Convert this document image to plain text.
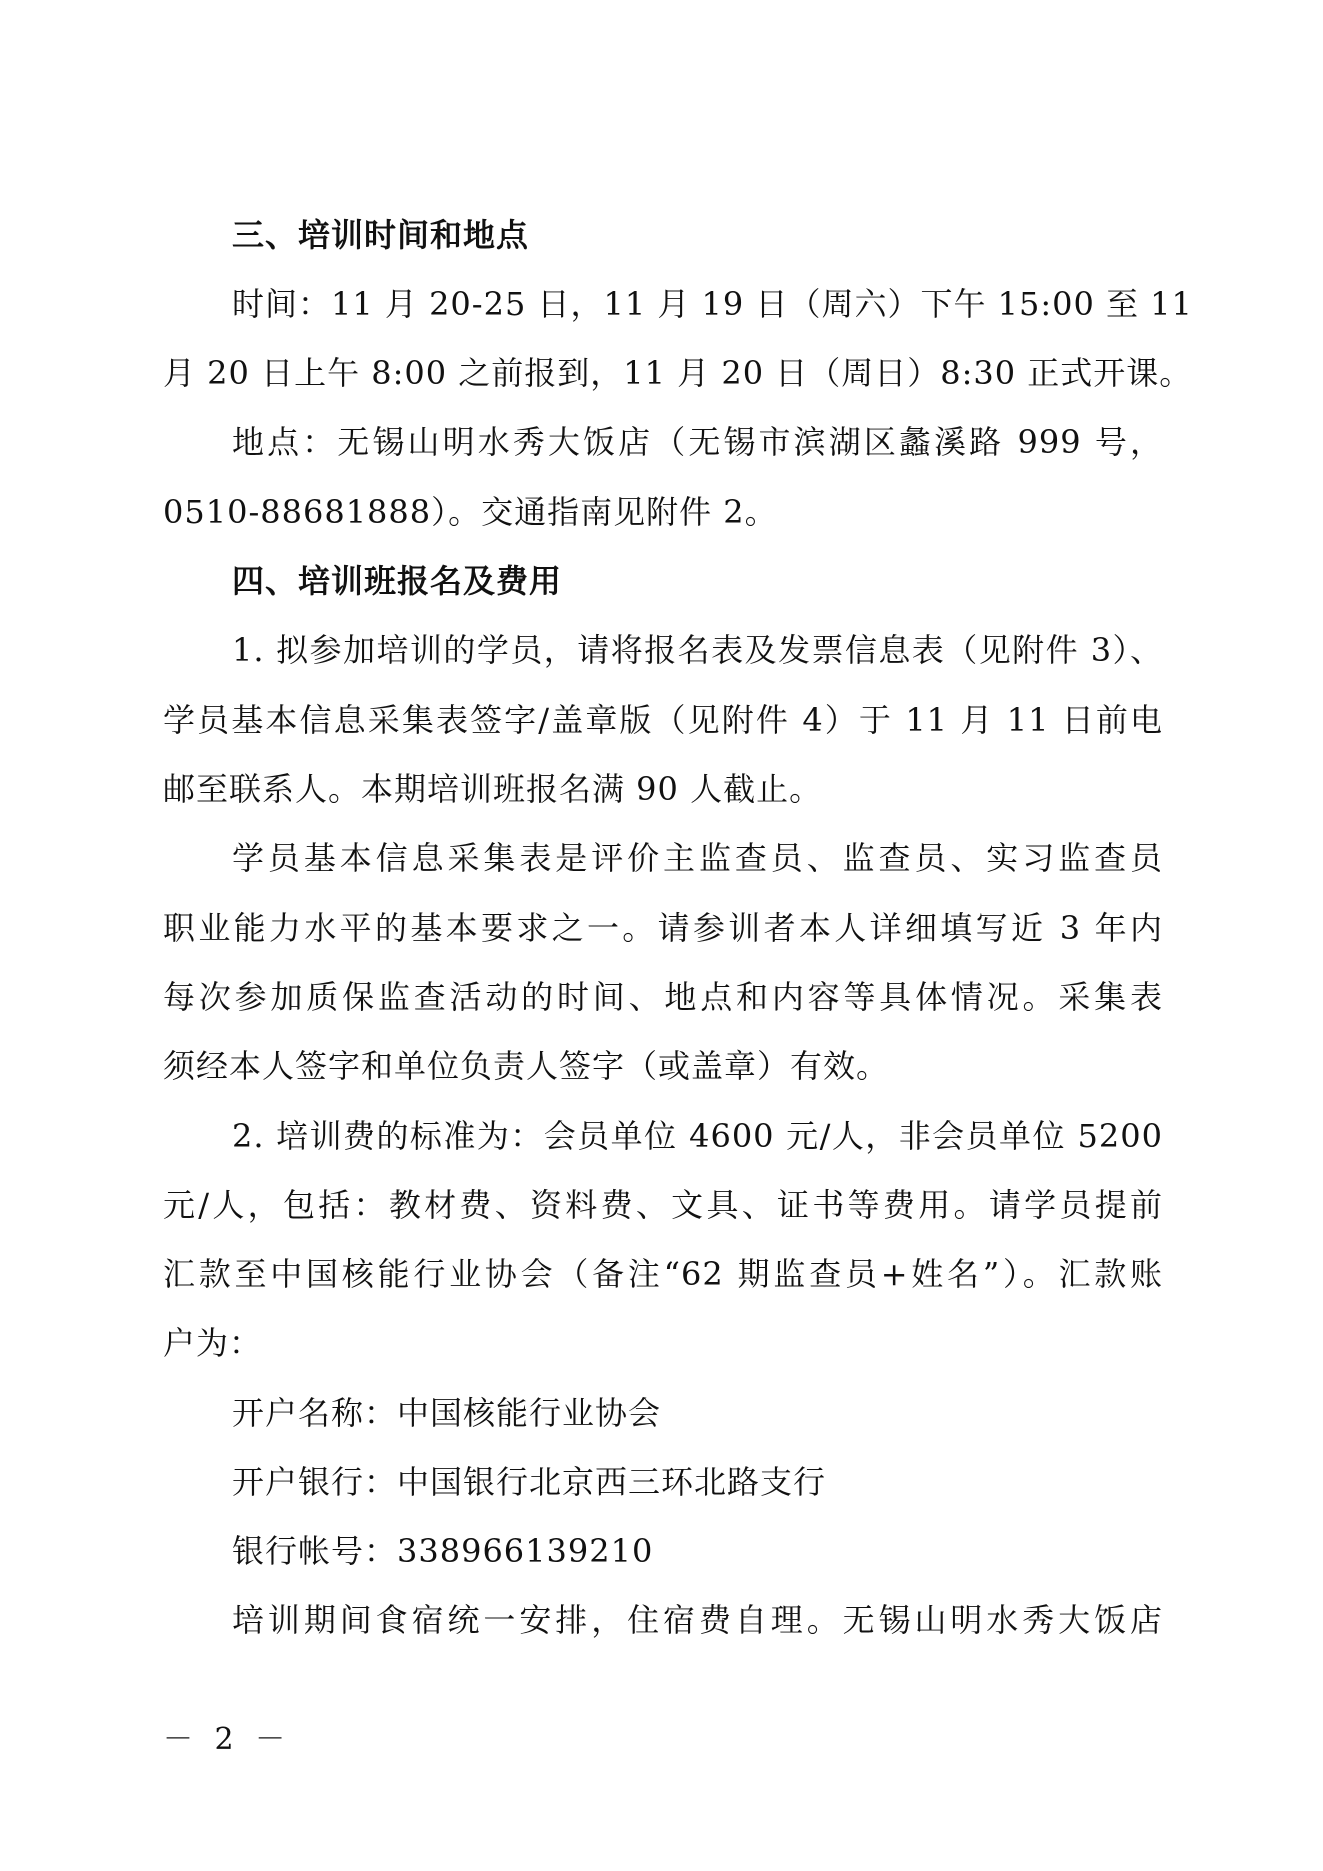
三、培训时间和地点
时间：11 月 20-25 日，11 月 19 日（周六）下午 15:00 至 11
月 20 日上午 8:00 之前报到，11 月 20 日（周日）8:30 正式开课。
地点：无锡山明水秀大饭店（无锡市滨湖区蠡溪路 999 号，
0510-88681888）。交通指南见附件 2。
四、培训班报名及费用
1. 拟参加培训的学员，请将报名表及发票信息表（见附件 3）、
学员基本信息采集表签字/盖章版（见附件 4）于 11 月 11 日前电
邮至联系人。本期培训班报名满 90 人截止。
学员基本信息采集表是评价主监查员、监查员、实习监查员
职业能力水平的基本要求之一。请参训者本人详细填写近 3 年内
每次参加质保监查活动的时间、地点和内容等具体情况。采集表
须经本人签字和单位负责人签字（或盖章）有效。
2. 培训费的标准为：会员单位 4600 元/人，非会员单位 5200
元/人，包括：教材费、资料费、文具、证书等费用。请学员提前
汇款至中国核能行业协会（备注“62 期监查员+姓名”）。汇款账
户为：
开户名称：中国核能行业协会
开户银行：中国银行北京西三环北路支行
银行帐号：338966139210
培训期间食宿统一安排，住宿费自理。无锡山明水秀大饭店
－ 2 －
